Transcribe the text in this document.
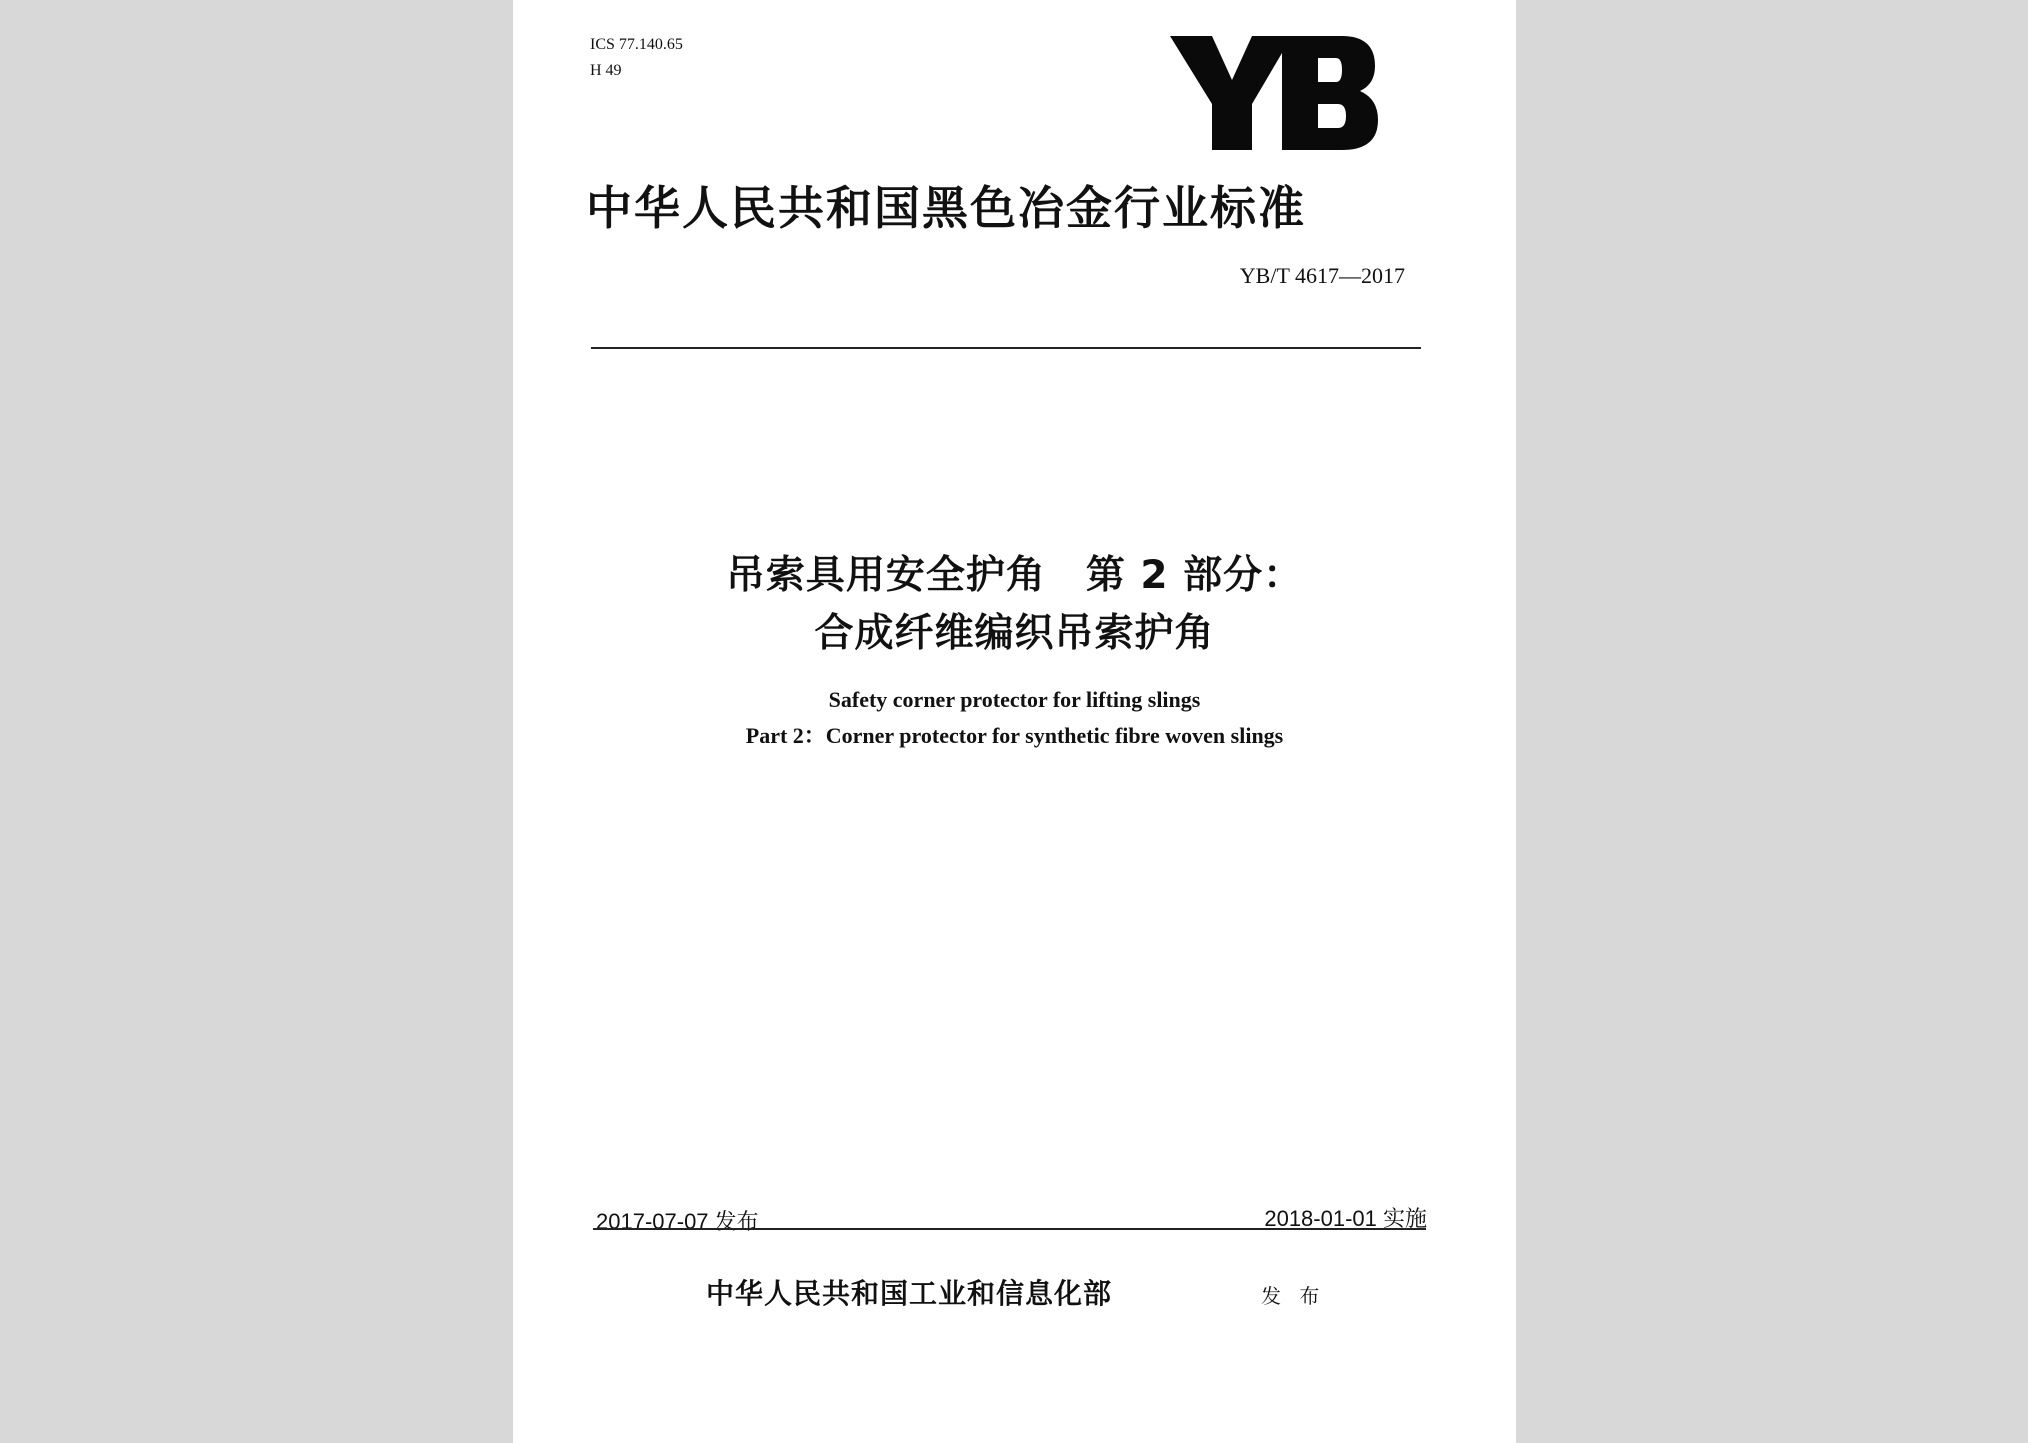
ICS 77.140.65
H 49
中华人民共和国黑色冶金行业标准
YB/T 4617—2017
吊索具用安全护角　第 2 部分：
合成纤维编织吊索护角
Safety corner protector for lifting slings
Part 2：Corner protector for synthetic fibre woven slings
2017-07-07 发布	2018-01-01 实施
中华人民共和国工业和信息化部	发 布
